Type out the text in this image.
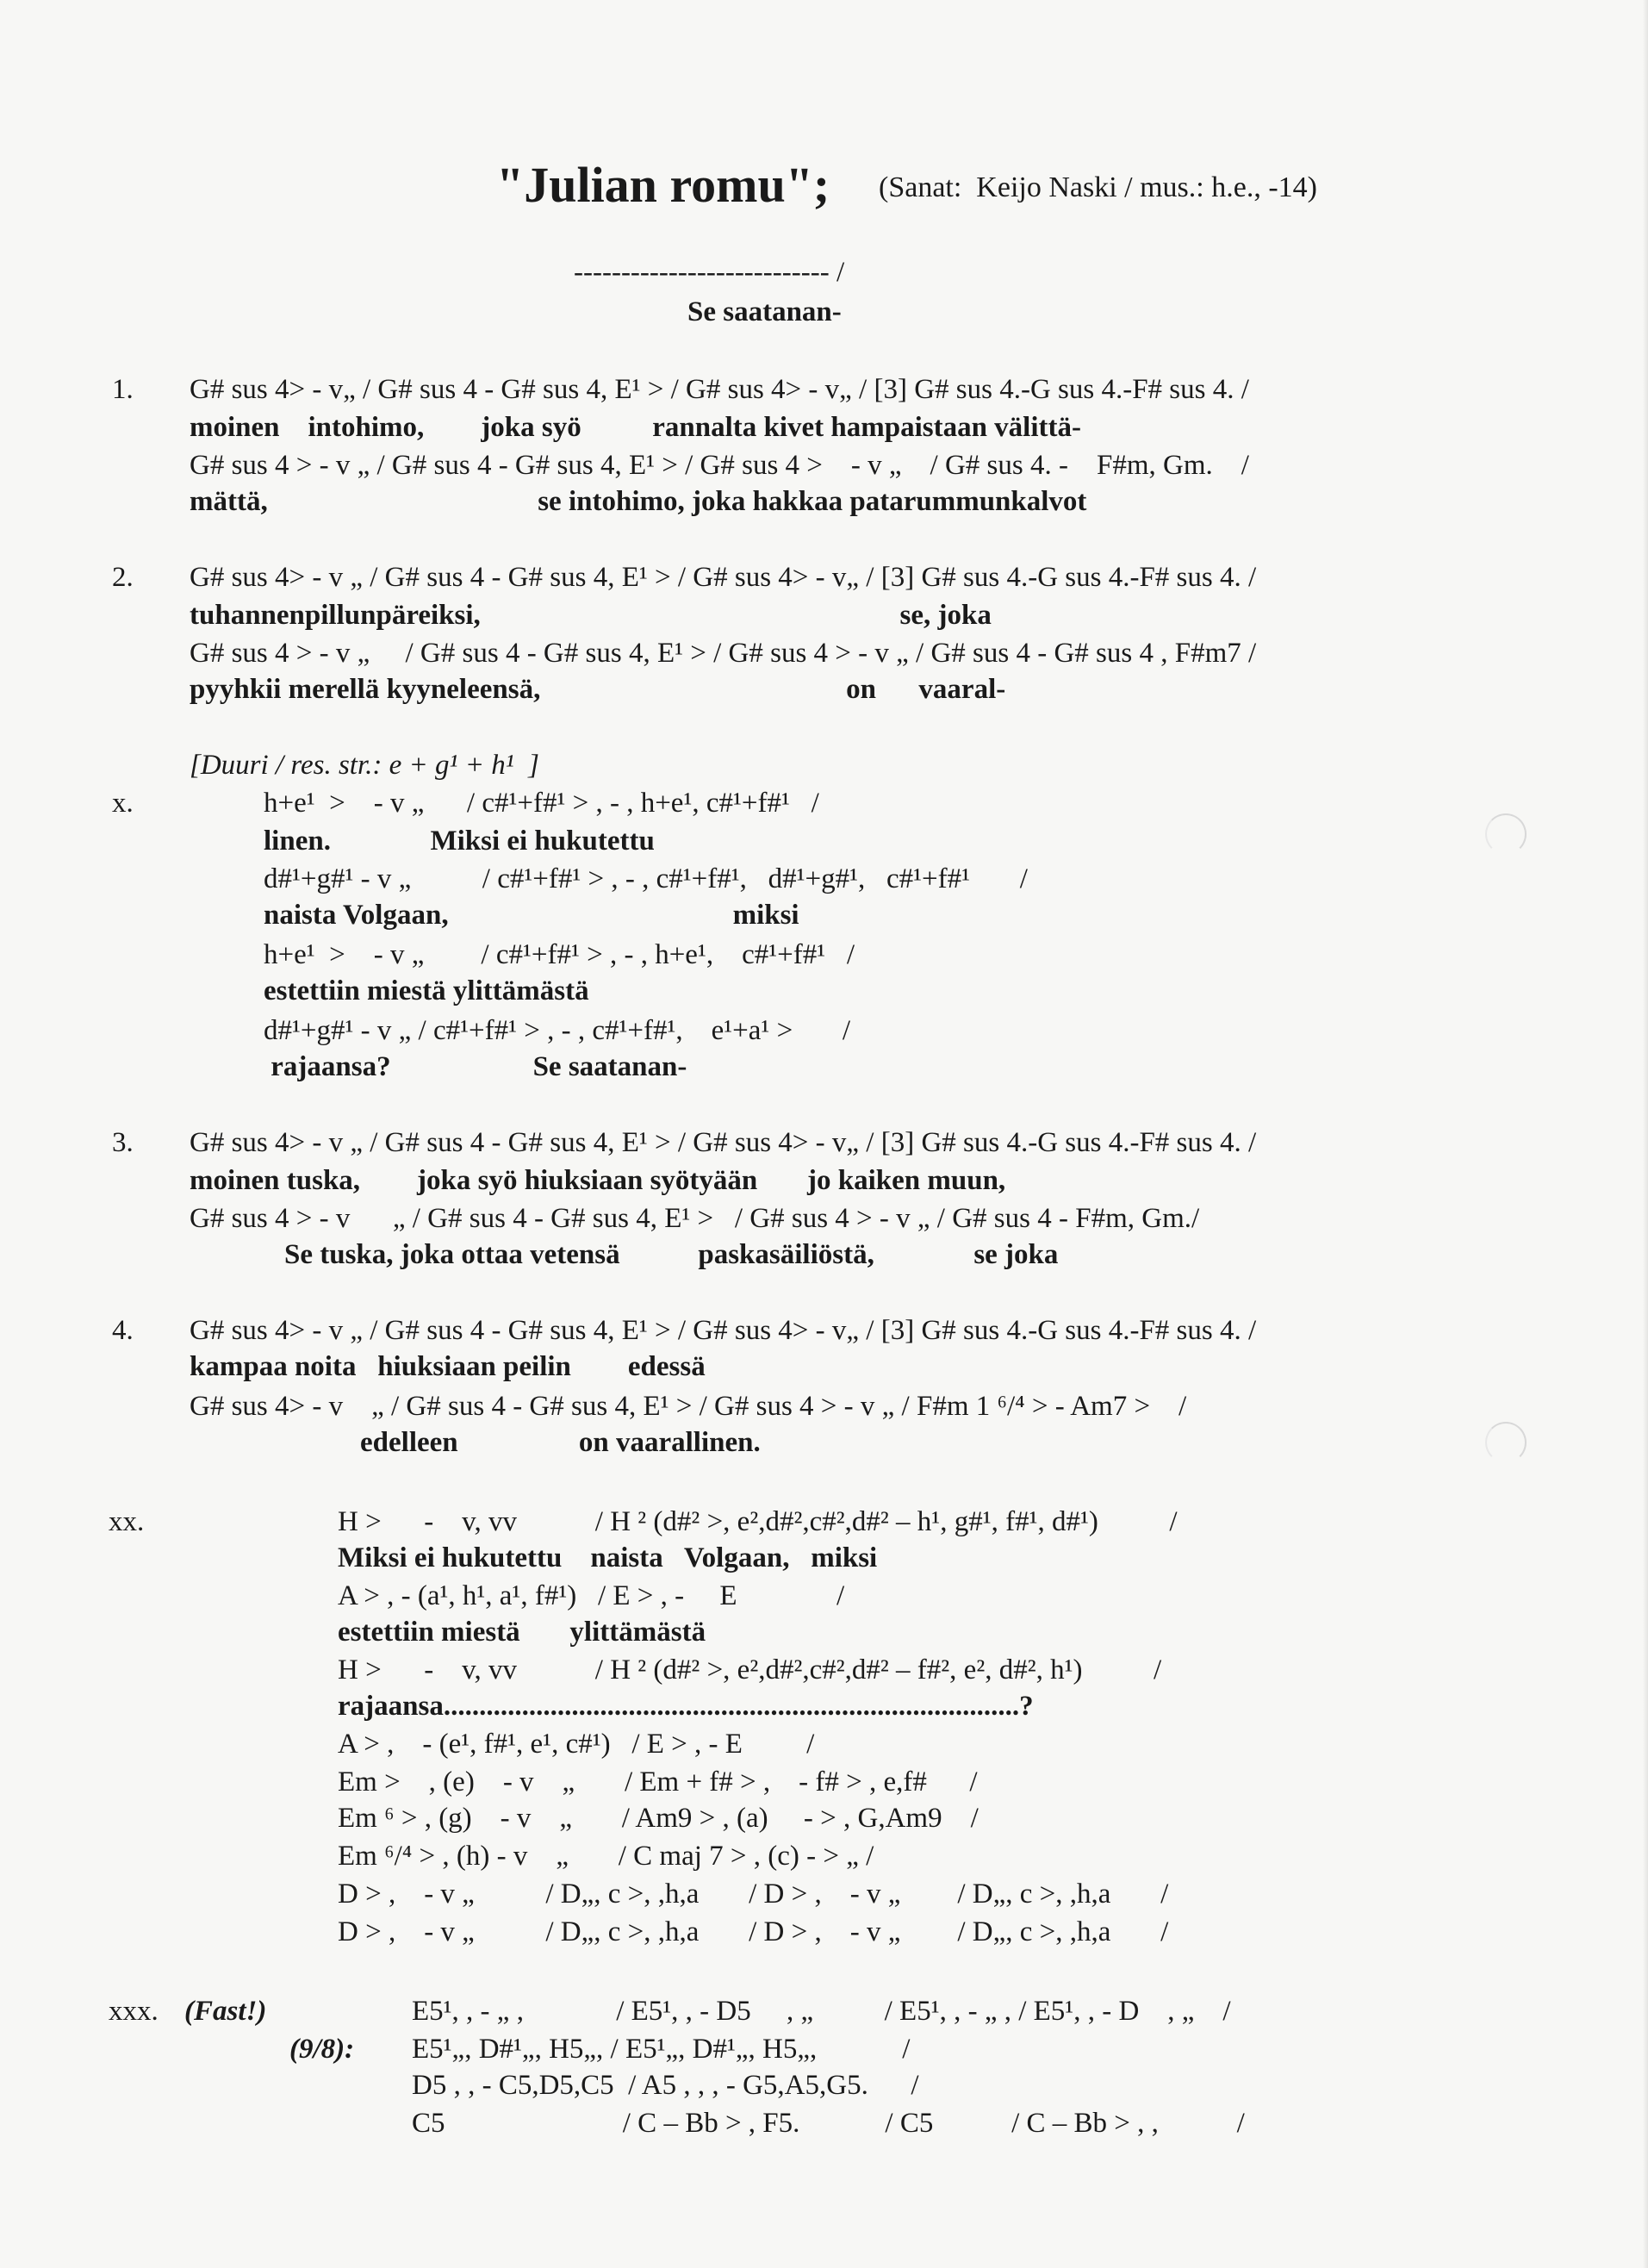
"Julian romu"; (Sanat:  Keijo Naski / mus.: h.e., -14)
--------------------------- /
Se saatanan-
1. G# sus 4> - v„ / G# sus 4 - G# sus 4, E¹ > / G# sus 4> - v„ / [3] G# sus 4.-G sus 4.-F# sus 4. /
moinen    intohimo,        joka syö          rannalta kivet hampaistaan välittä-
G# sus 4 > - v „ / G# sus 4 - G# sus 4, E¹ > / G# sus 4 >    - v „    / G# sus 4. -    F#m, Gm.    /
mättä,                                      se intohimo, joka hakkaa patarummunkalvot
2. G# sus 4> - v „ / G# sus 4 - G# sus 4, E¹ > / G# sus 4> - v„ / [3] G# sus 4.-G sus 4.-F# sus 4. /
tuhannenpillunpäreiksi,                                                           se, joka
G# sus 4 > - v „     / G# sus 4 - G# sus 4, E¹ > / G# sus 4 > - v „ / G# sus 4 - G# sus 4 , F#m7 /
pyyhkii merellä kyyneleensä,                                           on      vaaral-
[Duuri / res. str.: e + g¹ + h¹  ]
x.	h+e¹  >    - v „      / c#¹+f#¹ > , - , h+e¹, c#¹+f#¹   /
linen.              Miksi ei hukutettu
d#¹+g#¹ - v „          / c#¹+f#¹ > , - , c#¹+f#¹,   d#¹+g#¹,   c#¹+f#¹       /
naista Volgaan,                                        miksi
h+e¹  >    - v „        / c#¹+f#¹ > , - , h+e¹,    c#¹+f#¹   /
estettiin miestä ylittämästä
d#¹+g#¹ - v „ / c#¹+f#¹ > , - , c#¹+f#¹,    e¹+a¹ >       /
rajaansa?                    Se saatanan-
3. G# sus 4> - v „ / G# sus 4 - G# sus 4, E¹ > / G# sus 4> - v„ / [3] G# sus 4.-G sus 4.-F# sus 4. /
moinen tuska,        joka syö hiuksiaan syötyään       jo kaiken muun,
G# sus 4 > - v      „ / G# sus 4 - G# sus 4, E¹ >   / G# sus 4 > - v „ / G# sus 4 - F#m, Gm./
Se tuska, joka ottaa vetensä           paskasäiliöstä,              se joka
4. G# sus 4> - v „ / G# sus 4 - G# sus 4, E¹ > / G# sus 4> - v„ / [3] G# sus 4.-G sus 4.-F# sus 4. /
kampaa noita   hiuksiaan peilin        edessä
G# sus 4> - v    „ / G# sus 4 - G# sus 4, E¹ > / G# sus 4 > - v „ / F#m 1 ⁶/⁴ > - Am7 >    /
edelleen                 on vaarallinen.
xx.	H >      -    v, vv           / H ² (d#² >, e²,d#²,c#²,d#² – h¹, g#¹, f#¹, d#¹)          /
Miksi ei hukutettu    naista   Volgaan,   miksi
A > , - (a¹, h¹, a¹, f#¹)   / E > , -     E              /
estettiin miestä       ylittämästä
H >      -    v, vv           / H ² (d#² >, e²,d#²,c#²,d#² – f#², e², d#², h¹)          /
rajaansa.................................................................................?
A > ,    - (e¹, f#¹, e¹, c#¹)   / E > , - E         /
Em >    , (e)    - v    „       / Em + f# > ,    - f# > , e,f#      /
Em ⁶ > , (g)    - v    „       / Am9 > , (a)     - > , G,Am9    /
Em ⁶/⁴ > , (h) - v    „       / C maj 7 > , (c) - > „ /
D > ,    - v „          / D„, c >, ,h,a       / D > ,    - v „        / D„, c >, ,h,a       /
D > ,    - v „          / D„, c >, ,h,a       / D > ,    - v „        / D„, c >, ,h,a       /
xxx. (Fast!)
(9/8):
E5¹, , - „ ,             / E5¹, , - D5     , „          / E5¹, , - „ , / E5¹, , - D    , „    /
E5¹„, D#¹„, H5„, / E5¹„, D#¹„, H5„,            /
D5 , , - C5,D5,C5  / A5 , , , - G5,A5,G5.      /
C5                         / C – Bb > , F5.            / C5           / C – Bb > , ,           /
